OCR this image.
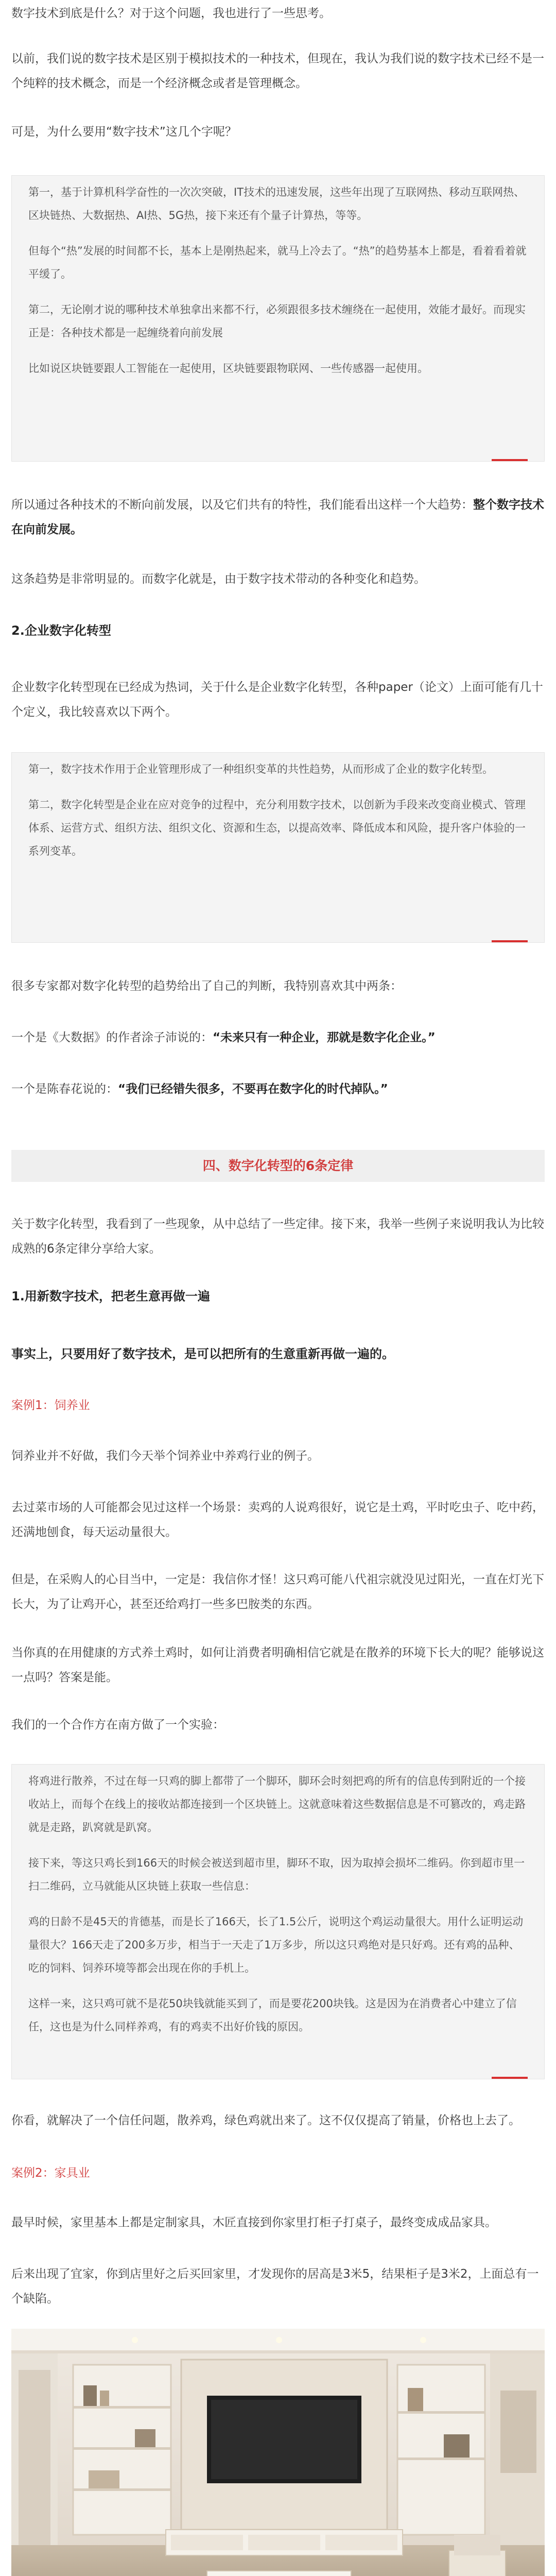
数字技术到底是什么？对于这个问题，我也进行了一些思考。

以前，我们说的数字技术是区别于模拟技术的一种技术，但现在，我认为我们说的数字技术已经不是一个纯粹的技术概念，而是一个经济概念或者是管理概念。

可是，为什么要用“数字技术”这几个字呢？

第一，基于计算机科学奋性的一次次突破，IT技术的迅速发展，这些年出现了互联网热、移动互联网热、区块链热、大数据热、AI热、5G热，接下来还有个量子计算热，等等。

但每个“热”发展的时间都不长，基本上是刚热起来，就马上冷去了。“热”的趋势基本上都是，看着看着就平缓了。

第二，无论刚才说的哪种技术单独拿出来都不行，必须跟很多技术缠绕在一起使用，效能才最好。而现实正是：各种技术都是一起缠绕着向前发展

比如说区块链要跟人工智能在一起使用，区块链要跟物联网、一些传感器一起使用。

所以通过各种技术的不断向前发展，以及它们共有的特性，我们能看出这样一个大趋势：整个数字技术在向前发展。

这条趋势是非常明显的。而数字化就是，由于数字技术带动的各种变化和趋势。

2.企业数字化转型

企业数字化转型现在已经成为热词，关于什么是企业数字化转型，各种paper（论文）上面可能有几十个定义，我比较喜欢以下两个。

第一，数字技术作用于企业管理形成了一种组织变革的共性趋势，从而形成了企业的数字化转型。

第二，数字化转型是企业在应对竞争的过程中，充分利用数字技术，以创新为手段来改变商业模式、管理体系、运营方式、组织方法、组织文化、资源和生态，以提高效率、降低成本和风险，提升客户体验的一系列变革。

很多专家都对数字化转型的趋势给出了自己的判断，我特别喜欢其中两条：

一个是《大数据》的作者涂子沛说的：“未来只有一种企业，那就是数字化企业。”

一个是陈春花说的：“我们已经错失很多，不要再在数字化的时代掉队。”

四、数字化转型的6条定律

关于数字化转型，我看到了一些现象，从中总结了一些定律。接下来，我举一些例子来说明我认为比较成熟的6条定律分享给大家。

1.用新数字技术，把老生意再做一遍

事实上，只要用好了数字技术，是可以把所有的生意重新再做一遍的。

案例1：饲养业

饲养业并不好做，我们今天举个饲养业中养鸡行业的例子。

去过菜市场的人可能都会见过这样一个场景：卖鸡的人说鸡很好，说它是土鸡，平时吃虫子、吃中药，还满地刨食，每天运动量很大。

但是，在采购人的心目当中，一定是：我信你才怪！这只鸡可能八代祖宗就没见过阳光，一直在灯光下长大，为了让鸡开心，甚至还给鸡打一些多巴胺类的东西。

当你真的在用健康的方式养土鸡时，如何让消费者明确相信它就是在散养的环境下长大的呢？能够说这一点吗？答案是能。

我们的一个合作方在南方做了一个实验：

将鸡进行散养，不过在每一只鸡的脚上都带了一个脚环，脚环会时刻把鸡的所有的信息传到附近的一个接收站上，而每个在线上的接收站都连接到一个区块链上。这就意味着这些数据信息是不可篡改的，鸡走路就是走路，趴窝就是趴窝。

接下来，等这只鸡长到166天的时候会被送到超市里，脚环不取，因为取掉会损坏二维码。你到超市里一扫二维码，立马就能从区块链上获取一些信息：

鸡的日龄不是45天的肯德基，而是长了166天，长了1.5公斤，说明这个鸡运动量很大。用什么证明运动量很大？166天走了200多万步，相当于一天走了1万多步，所以这只鸡绝对是只好鸡。还有鸡的品种、吃的饲料、饲养环境等都会出现在你的手机上。

这样一来，这只鸡可就不是花50块钱就能买到了，而是要花200块钱。这是因为在消费者心中建立了信任，这也是为什么同样养鸡，有的鸡卖不出好价钱的原因。

你看，就解决了一个信任问题，散养鸡，绿色鸡就出来了。这不仅仅提高了销量，价格也上去了。

案例2：家具业

最早时候，家里基本上都是定制家具，木匠直接到你家里打柜子打桌子，最终变成成品家具。

后来出现了宜家，你到店里好之后买回家里，才发现你的居高是3米5，结果柜子是3米2，上面总有一个缺陷。
